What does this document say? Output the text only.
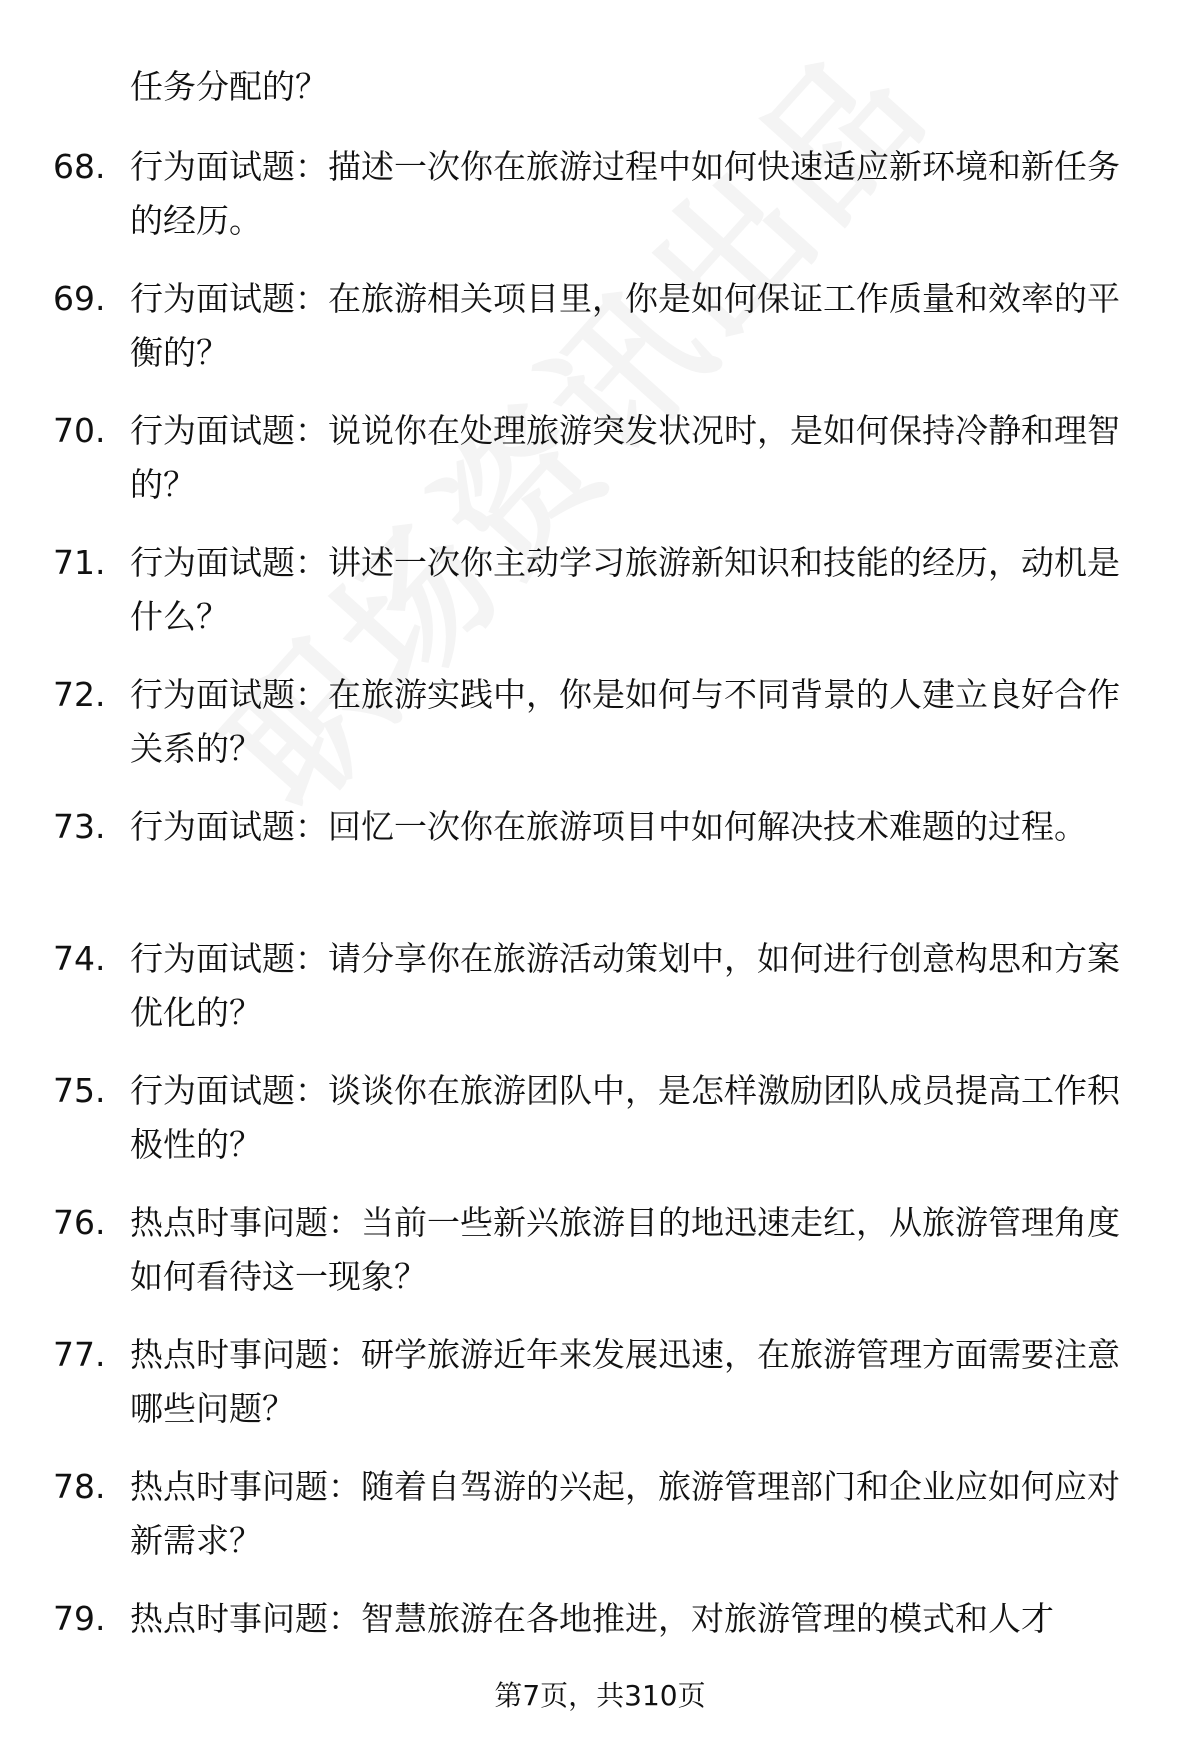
任务分配的？

68. 行为面试题：描述一次你在旅游过程中如何快速适应新环境和新任务的经历。
69. 行为面试题：在旅游相关项目里，你是如何保证工作质量和效率的平衡的？
70. 行为面试题：说说你在处理旅游突发状况时，是如何保持冷静和理智的？
71. 行为面试题：讲述一次你主动学习旅游新知识和技能的经历，动机是什么？
72. 行为面试题：在旅游实践中，你是如何与不同背景的人建立良好合作关系的？
73. 行为面试题：回忆一次你在旅游项目中如何解决技术难题的过程。
74. 行为面试题：请分享你在旅游活动策划中，如何进行创意构思和方案优化的？
75. 行为面试题：谈谈你在旅游团队中，是怎样激励团队成员提高工作积极性的？
76. 热点时事问题：当前一些新兴旅游目的地迅速走红，从旅游管理角度如何看待这一现象？
77. 热点时事问题：研学旅游近年来发展迅速，在旅游管理方面需要注意哪些问题？
78. 热点时事问题：随着自驾游的兴起，旅游管理部门和企业应如何应对新需求？
79. 热点时事问题：智慧旅游在各地推进，对旅游管理的模式和人才
第7页，共310页
